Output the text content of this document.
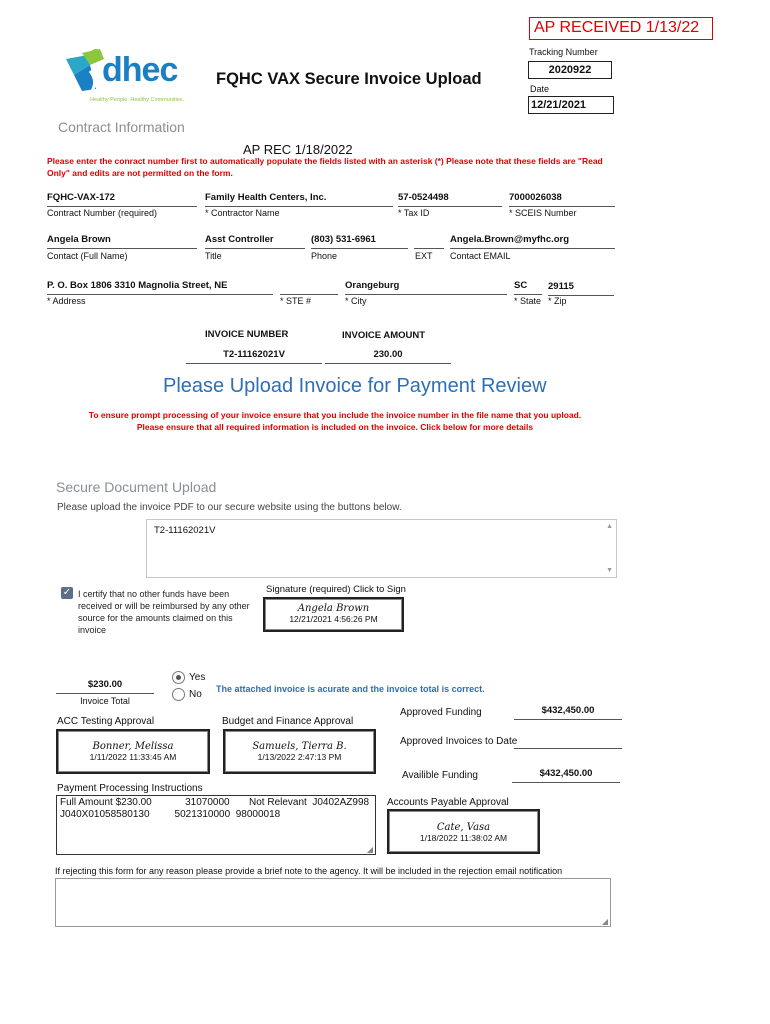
AP RECEIVED 1/13/22
dhec
Healthy People. Healthy Communities.
FQHC VAX Secure Invoice Upload
Tracking Number
2020922
Date
12/21/2021
Contract Information
AP REC 1/18/2022
Please enter the conract number first to automatically populate the fields listed with an asterisk (*) Please note that these fields are "Read Only" and edits are not permitted on the form.
FQHC-VAX-172
Contract Number (required)
Family Health Centers, Inc.
* Contractor Name
57-0524498
* Tax ID
7000026038
* SCEIS Number
Angela Brown
Contact (Full Name)
Asst Controller
Title
(803) 531-6961
Phone	EXT
Angela.Brown@myfhc.org
Contact EMAIL
P. O. Box 1806 3310 Magnolia Street, NE
* Address	* STE #
Orangeburg
* City
SC
* State
29115
* Zip
INVOICE NUMBER
T2-11162021V
INVOICE AMOUNT
230.00
Please Upload Invoice for Payment Review
To ensure prompt processing of your invoice ensure that you include the invoice number in the file name that you upload.
Please ensure that all required information is included on the invoice. Click below for more details
Secure Document Upload
Please upload the invoice PDF to our secure website using the buttons below.
T2-11162021V	▲
▼
✓ I certify that no other funds have been received or will be reimbursed by any other source for the amounts claimed on this invoice
Signature (required) Click to Sign
Angela Brown
12/21/2021 4:56:26 PM
$230.00
Invoice Total
Yes
No The attached invoice is acurate and the invoice total is correct.
ACC Testing Approval
Bonner, Melissa
1/11/2022 11:33:45 AM
Budget and Finance Approval
Samuels, Tierra B.
1/13/2022 2:47:13 PM
Approved Funding	$432,450.00
Approved Invoices to Date
Availible Funding	$432,450.00
Payment Processing Instructions
Full Amount $230.00            31070000       Not Relevant  J0402AZ998
J040X01058580130         5021310000  98000018
◢
Accounts Payable Approval
Cate, Vasa
1/18/2022 11:38:02 AM
If rejecting this form for any reason please provide a brief note to the agency. It will be included in the rejection email notification
◢
